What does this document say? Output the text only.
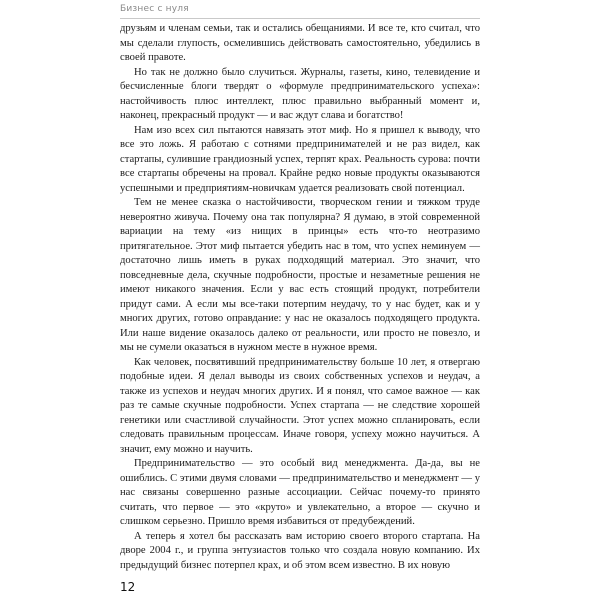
Бизнес с нуля

друзьям и членам семьи, так и остались обещаниями. И все те, кто считал, что мы сделали глупость, осмелившись действовать самостоятельно, убедились в своей правоте.

Но так не должно было случиться. Журналы, газеты, кино, телевидение и бесчисленные блоги твердят о «формуле предпринимательского успеха»: настойчивость плюс интеллект, плюс правильно выбранный момент и, наконец, прекрасный продукт — и вас ждут слава и богатство!

Нам изо всех сил пытаются навязать этот миф. Но я пришел к выводу, что все это ложь. Я работаю с сотнями предпринимателей и не раз видел, как стартапы, сулившие грандиозный успех, терпят крах. Реальность сурова: почти все стартапы обречены на провал. Крайне редко новые продукты оказываются успешными и предприятиям-новичкам удается реализовать свой потенциал.

Тем не менее сказка о настойчивости, творческом гении и тяжком труде невероятно живуча. Почему она так популярна? Я думаю, в этой современной вариации на тему «из нищих в принцы» есть что-то неотразимо притягательное. Этот миф пытается убедить нас в том, что успех неминуем — достаточно лишь иметь в руках подходящий материал. Это значит, что повседневные дела, скучные подробности, простые и незаметные решения не имеют никакого значения. Если у вас есть стоящий продукт, потребители придут сами. А если мы все-таки потерпим неудачу, то у нас будет, как и у многих других, готово оправдание: у нас не оказалось подходящего продукта. Или наше видение оказалось далеко от реальности, или просто не повезло, и мы не сумели оказаться в нужном месте в нужное время.

Как человек, посвятивший предпринимательству больше 10 лет, я отвергаю подобные идеи. Я делал выводы из своих собственных успехов и неудач, а также из успехов и неудач многих других. И я понял, что самое важное — как раз те самые скучные подробности. Успех стартапа — не следствие хорошей генетики или счастливой случайности. Этот успех можно спланировать, если следовать правильным процессам. Иначе говоря, успеху можно научиться. А значит, ему можно и научить.

Предпринимательство — это особый вид менеджмента. Да-да, вы не ошиблись. С этими двумя словами — предпринимательство и менеджмент — у нас связаны совершенно разные ассоциации. Сейчас почему-то принято считать, что первое — это «круто» и увлекательно, а второе — скучно и слишком серьезно. Пришло время избавиться от предубеждений.

А теперь я хотел бы рассказать вам историю своего второго стартапа. На дворе 2004 г., и группа энтузиастов только что создала новую компанию. Их предыдущий бизнес потерпел крах, и об этом всем известно. В их новую

12
